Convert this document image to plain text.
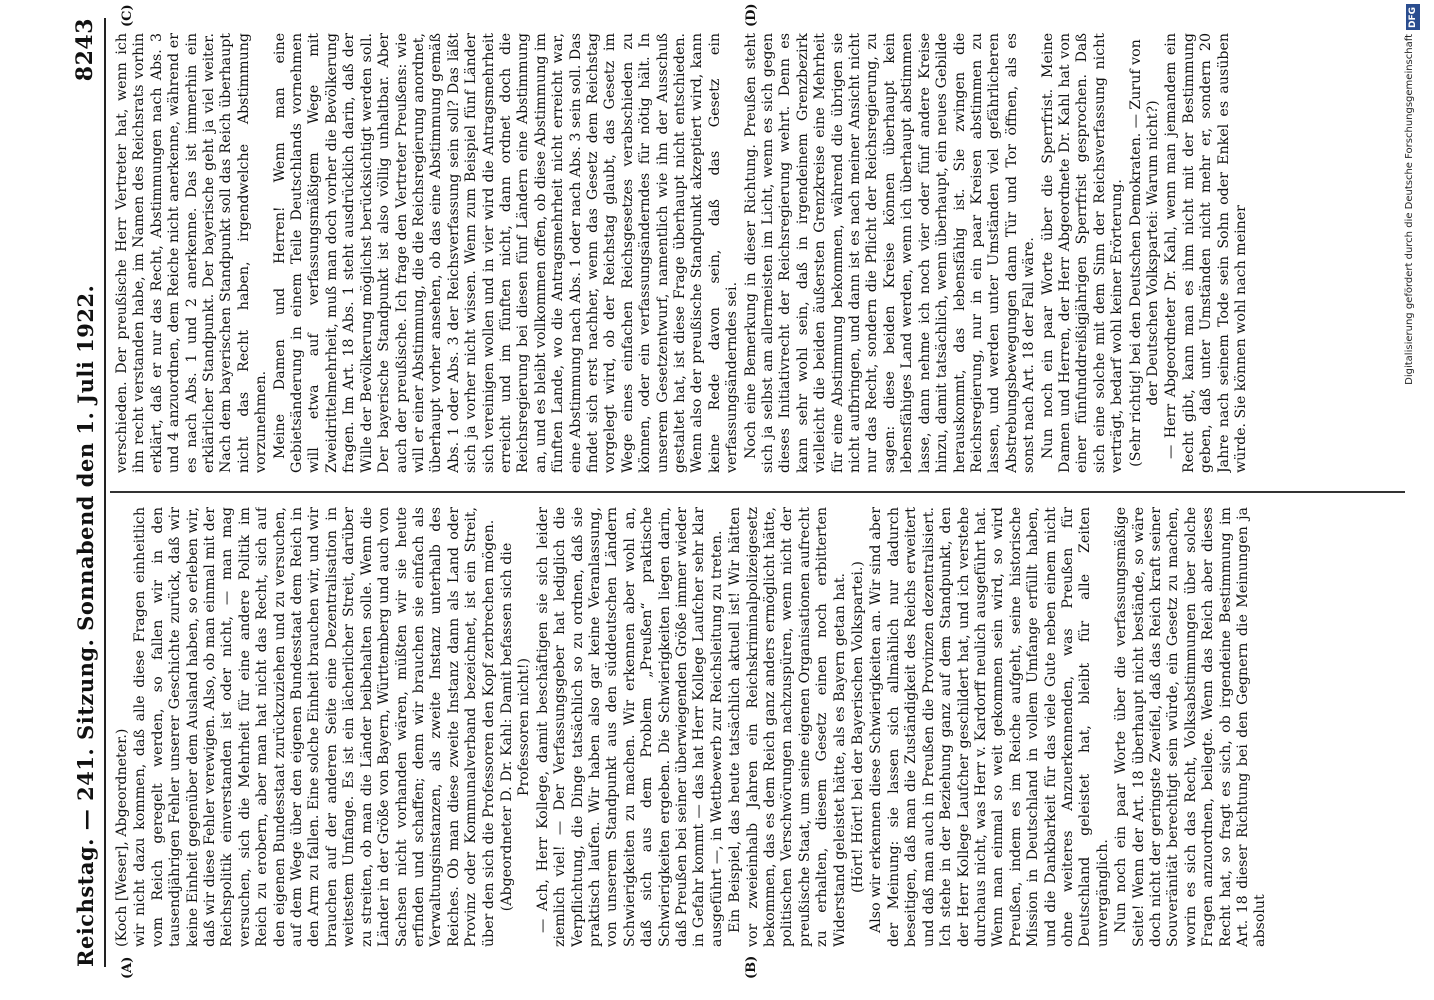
Reichstag. — 241. Sitzung. Sonnabend den 1. Juli 1922.
8243
(A)	(B)
(C)	(D)

(Koch [Weser], Abgeordneter.) wir nicht dazu kommen, daß alle diese Fragen einheitlich vom Reich geregelt werden, so fallen wir in den tausendjährigen Fehler unserer Geschichte zurück, daß wir keine Einheit gegenüber dem Ausland haben, so erleben wir, daß wir diese Fehler verewigen. Also, ob man einmal mit der Reichspolitik einverstanden ist oder nicht, — man mag versuchen, sich die Mehrheit für eine andere Politik im Reich zu erobern, aber man hat nicht das Recht, sich auf den eigenen Bundesstaat zurückzuziehen und zu versuchen, auf dem Wege über den eigenen Bundesstaat dem Reich in den Arm zu fallen. Eine solche Einheit brauchen wir, und wir brauchen auf der anderen Seite eine Dezentralisation in weitestem Umfange. Es ist ein lächerlicher Streit, darüber zu streiten, ob man die Länder beibehalten solle. Wenn die Länder in der Größe von Bayern, Württemberg und auch von Sachsen nicht vorhanden wären, müßten wir sie heute erfinden und schaffen; denn wir brauchen sie einfach als Verwaltungsinstanzen, als zweite Instanz unterhalb des Reiches. Ob man diese zweite Instanz dann als Land oder Provinz oder Kommunalverband bezeichnet, ist ein Streit, über den sich die Professoren den Kopf zerbrechen mögen. (Abgeordneter D. Dr. Kahl: Damit befassen sich die Professoren nicht!) — Ach, Herr Kollege, damit beschäftigen sie sich leider ziemlich viel! — Der Verfassungsgeber hat lediglich die Verpflichtung, die Dinge tatsächlich so zu ordnen, daß sie praktisch laufen. Wir haben also gar keine Veranlassung, von unserem Standpunkt aus den süddeutschen Ländern Schwierigkeiten zu machen. Wir erkennen aber wohl an, daß sich aus dem Problem „Preußen“ praktische Schwierigkeiten ergeben. Die Schwierigkeiten liegen darin, daß Preußen bei seiner überwiegenden Größe immer wieder in Gefahr kommt — das hat Herr Kollege Laufcher sehr klar ausgeführt —, in Wettbewerb zur Reichsleitung zu treten. Ein Beispiel, das heute tatsächlich aktuell ist! Wir hätten vor zweieinhalb Jahren ein Reichskriminalpolizeigesetz bekommen, das es dem Reich ganz anders ermöglicht hätte, politischen Verschwörungen nachzuspüren, wenn nicht der preußische Staat, um seine eigenen Organisationen aufrecht zu erhalten, diesem Gesetz einen noch erbitterten Widerstand geleistet hätte, als es Bayern getan hat. (Hört! Hört! bei der Bayerischen Volkspartei.) Also wir erkennen diese Schwierigkeiten an. Wir sind aber der Meinung: sie lassen sich allmählich nur dadurch beseitigen, daß man die Zuständigkeit des Reichs erweitert und daß man auch in Preußen die Provinzen dezentralisiert. Ich stehe in der Beziehung ganz auf dem Standpunkt, den der Herr Kollege Laufcher geschildert hat, und ich verstehe durchaus nicht, was Herr v. Kardorff neulich ausgeführt hat. Wenn man einmal so weit gekommen sein wird, so wird Preußen, indem es im Reiche aufgeht, seine historische Mission in Deutschland in vollem Umfange erfüllt haben, und die Dankbarkeit für das viele Gute neben einem nicht ohne weiteres Anzuerkennenden, was Preußen für Deutschland geleistet hat, bleibt für alle Zeiten unvergänglich. Nun noch ein paar Worte über die verfassungsmäßige Seite! Wenn der Art. 18 überhaupt nicht bestände, so wäre doch nicht der geringste Zweifel, daß das Reich kraft seiner Souveränität berechtigt sein würde, ein Gesetz zu machen, worin es sich das Recht, Volksabstimmungen über solche Fragen anzuordnen, beilegte. Wenn das Reich aber dieses Recht hat, so fragt es sich, ob irgendeine Bestimmung im Art. 18 dieser Richtung bei den Gegnern die Meinungen ja absolut

verschieden. Der preußische Herr Vertreter hat, wenn ich ihn recht verstanden habe, im Namen des Reichsrats vorhin erklärt, daß er nur das Recht, Abstimmungen nach Abs. 3 und 4 anzuordnen, dem Reiche nicht anerkenne, während er es nach Abs. 1 und 2 anerkenne. Das ist immerhin ein erklärlicher Standpunkt. Der bayerische geht ja viel weiter. Nach dem bayerischen Standpunkt soll das Reich überhaupt nicht das Recht haben, irgendwelche Abstimmung vorzunehmen. Meine Damen und Herren! Wenn man eine Gebietsänderung in einem Teile Deutschlands vornehmen will etwa auf verfassungsmäßigem Wege mit Zweidrittelmehrheit, muß man doch vorher die Bevölkerung fragen. Im Art. 18 Abs. 1 steht ausdrücklich darin, daß der Wille der Bevölkerung möglichst berücksichtigt werden soll. Der bayerische Standpunkt ist also völlig unhaltbar. Aber auch der preußische. Ich frage den Vertreter Preußens: wie will er einer Abstimmung, die die Reichsregierung anordnet, überhaupt vorher ansehen, ob das eine Abstimmung gemäß Abs. 1 oder Abs. 3 der Reichsverfassung sein soll? Das läßt sich ja vorher nicht wissen. Wenn zum Beispiel fünf Länder sich vereinigen wollen und in vier wird die Antragsmehrheit erreicht und im fünften nicht, dann ordnet doch die Reichsregierung bei diesen fünf Ländern eine Abstimmung an, und es bleibt vollkommen offen, ob diese Abstimmung im fünften Lande, wo die Antragsmehrheit nicht erreicht war, eine Abstimmung nach Abs. 1 oder nach Abs. 3 sein soll. Das findet sich erst nachher, wenn das Gesetz dem Reichstag vorgelegt wird, ob der Reichstag glaubt, das Gesetz im Wege eines einfachen Reichsgesetzes verabschieden zu können, oder ein verfassungsänderndes für nötig hält. In unserem Gesetzentwurf, namentlich wie ihn der Ausschuß gestaltet hat, ist diese Frage überhaupt nicht entschieden. Wenn also der preußische Standpunkt akzeptiert wird, kann keine Rede davon sein, daß das Gesetz ein verfassungsänderndes sei. Noch eine Bemerkung in dieser Richtung. Preußen steht sich ja selbst am allermeisten im Licht, wenn es sich gegen dieses Initiativrecht der Reichsregierung wehrt. Denn es kann sehr wohl sein, daß in irgendeinem Grenzbezirk vielleicht die beiden äußersten Grenzkreise eine Mehrheit für eine Abstimmung bekommen, während die übrigen sie nicht aufbringen, und dann ist es nach meiner Ansicht nicht nur das Recht, sondern die Pflicht der Reichsregierung, zu sagen: diese beiden Kreise können überhaupt kein lebensfähiges Land werden, wenn ich überhaupt abstimmen lasse, dann nehme ich noch vier oder fünf andere Kreise hinzu, damit tatsächlich, wenn überhaupt, ein neues Gebilde herauskommt, das lebensfähig ist. Sie zwingen die Reichsregierung, nur in ein paar Kreisen abstimmen zu lassen, und werden unter Umständen viel gefährlicheren Abstrebungsbewegungen dann Tür und Tor öffnen, als es sonst nach Art. 18 der Fall wäre. Nun noch ein paar Worte über die Sperrfrist. Meine Damen und Herren, der Herr Abgeordnete Dr. Kahl hat von einer fünfunddreißigjährigen Sperrfrist gesprochen. Daß sich eine solche mit dem Sinn der Reichsverfassung nicht verträgt, bedarf wohl keiner Erörterung. (Sehr richtig! bei den Deutschen Demokraten. — Zuruf von der Deutschen Volkspartei: Warum nicht?) — Herr Abgeordneter Dr. Kahl, wenn man jemandem ein Recht gibt, kann man es ihm nicht mit der Bestimmung geben, daß unter Umständen nicht mehr er, sondern 20 Jahre nach seinem Tode sein Sohn oder Enkel es ausüben würde. Sie können wohl nach meiner

DFG
Digitalisierung gefördert durch die Deutsche Forschungsgemeinschaft
